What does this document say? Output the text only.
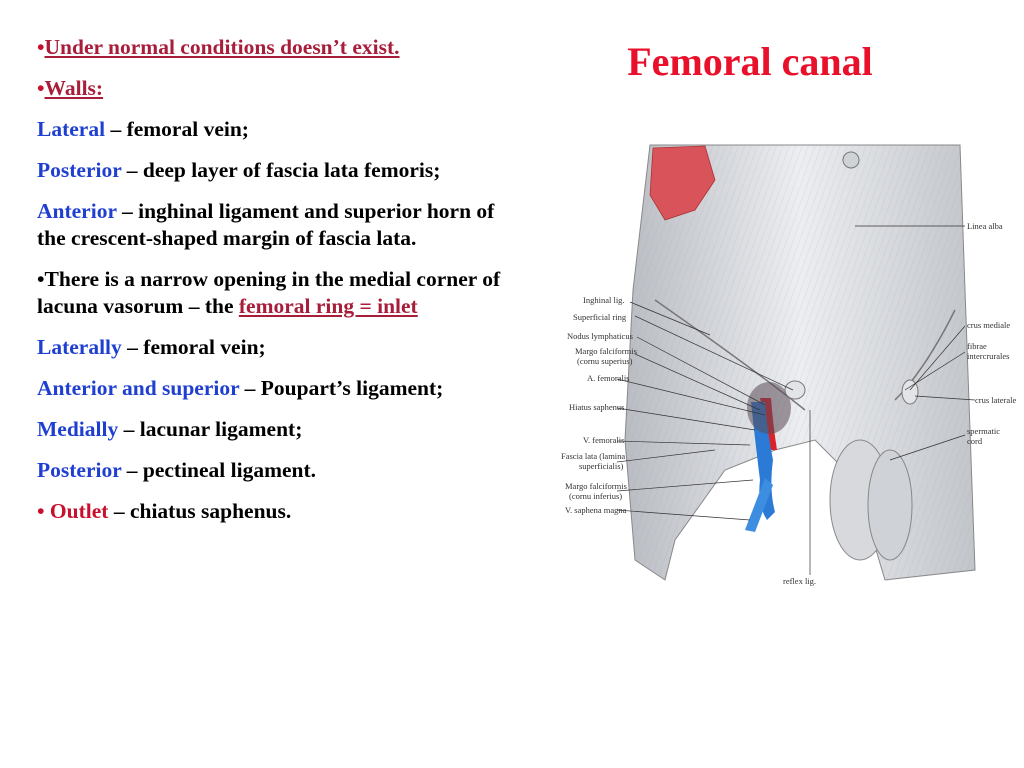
Femoral canal

•Under normal conditions doesn’t exist.

•Walls:

Lateral – femoral vein;

Posterior – deep layer of fascia lata femoris;

Anterior – inghinal ligament and superior horn of the crescent-shaped margin of fascia lata.

•There is a narrow opening in the medial corner of lacuna vasorum – the femoral ring = inlet

Laterally – femoral vein;

Anterior and superior – Poupart’s ligament;

Medially – lacunar ligament;

Posterior – pectineal ligament.

• Outlet – chiatus saphenus.

Linea alba
Inghinal lig.
Superficial ring
Nodus lymphaticus
Margo falciformis
(cornu superius)
A. femoralis
Hiatus saphenus
V. femoralis
Fascia lata (lamina
superficialis)
Margo falciformis
(cornu inferius)
V. saphena magna
crus mediale
fibrae
intercrurales
crus laterale
spermatic
cord
reflex lig.
